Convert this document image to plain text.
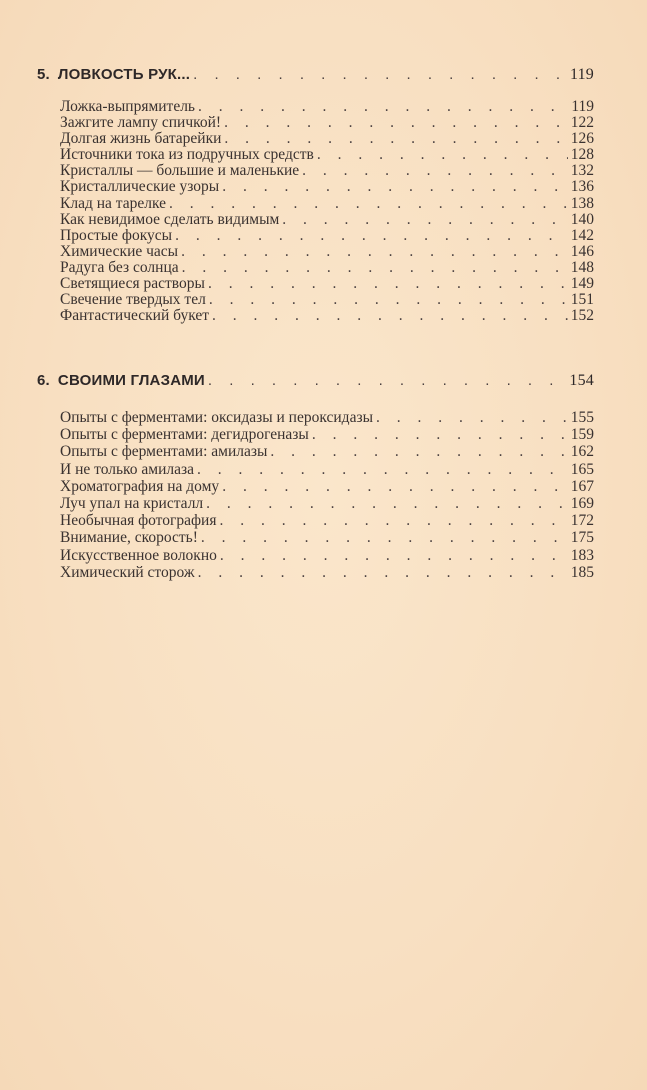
5. ЛОВКОСТЬ РУК... . . .	119
Ложка-выпрямитель . . .	119
Зажгите лампу спичкой! . . .	122
Долгая жизнь батарейки . . .	126
Источники тока из подручных средств . . .	128
Кристаллы — большие и маленькие . . .	132
Кристаллические узоры . . .	136
Клад на тарелке . . .	138
Как невидимое сделать видимым . . .	140
Простые фокусы . . .	142
Химические часы . . .	146
Радуга без солнца . . .	148
Светящиеся растворы . . .	149
Свечение твердых тел . . .	151
Фантастический букет . . .	152
6. СВОИМИ ГЛАЗАМИ . . .	154
Опыты с ферментами: оксидазы и пероксидазы . . .	155
Опыты с ферментами: дегидрогеназы . . .	159
Опыты с ферментами: амилазы . . .	162
И не только амилаза . . .	165
Хроматография на дому . . .	167
Луч упал на кристалл . . .	169
Необычная фотография . . .	172
Внимание, скорость! . . .	175
Искусственное волокно . . .	183
Химический сторож . . .	185
